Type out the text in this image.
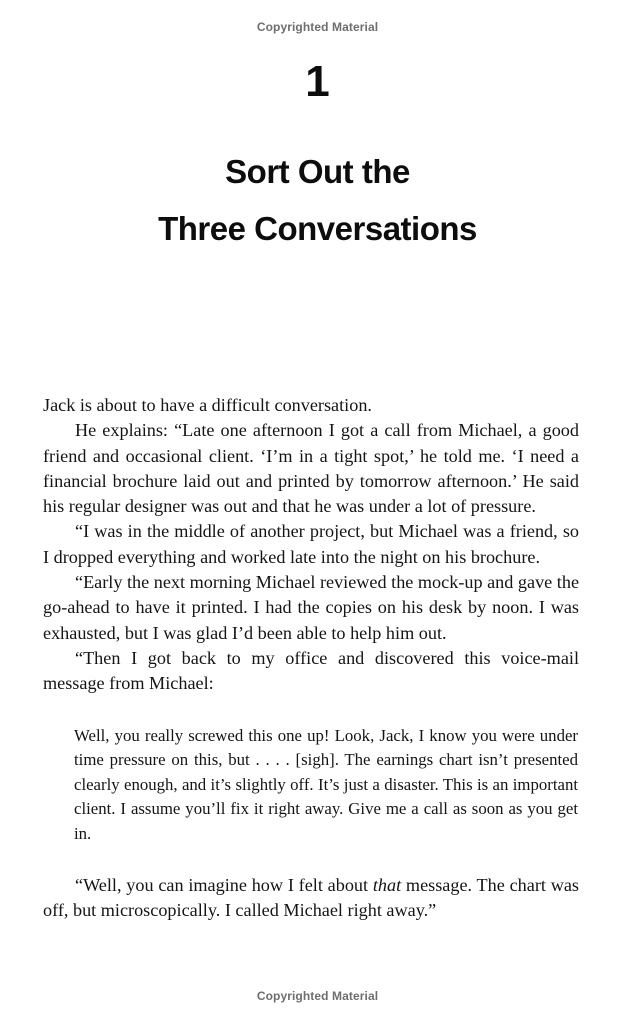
Copyrighted Material
1
Sort Out the
Three Conversations

Jack is about to have a difficult conversation.

He explains: “Late one afternoon I got a call from Michael, a good friend and occasional client. ‘I’m in a tight spot,’ he told me. ‘I need a financial brochure laid out and printed by tomorrow afternoon.’ He said his regular designer was out and that he was under a lot of pressure.

“I was in the middle of another project, but Michael was a friend, so I dropped everything and worked late into the night on his brochure.

“Early the next morning Michael reviewed the mock-up and gave the go-ahead to have it printed. I had the copies on his desk by noon. I was exhausted, but I was glad I’d been able to help him out.

“Then I got back to my office and discovered this voice-mail message from Michael:

Well, you really screwed this one up! Look, Jack, I know you were under time pressure on this, but . . . . [sigh]. The earnings chart isn’t presented clearly enough, and it’s slightly off. It’s just a disaster. This is an important client. I assume you’ll fix it right away. Give me a call as soon as you get in.

“Well, you can imagine how I felt about that message. The chart was off, but microscopically. I called Michael right away.”

Copyrighted Material
